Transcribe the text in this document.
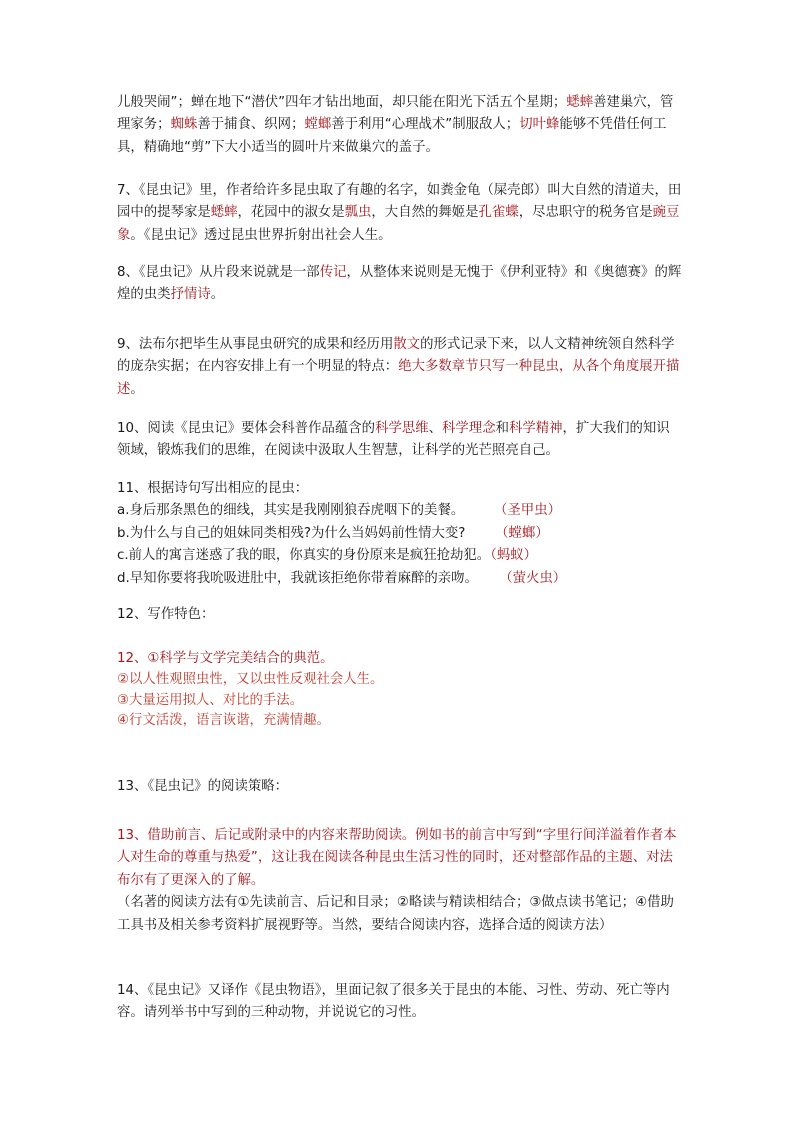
儿般哭闹”；蝉在地下“潜伏”四年才钻出地面，却只能在阳光下活五个星期；蟋蟀善建巢穴，管理家务；蜘蛛善于捕食、织网；螳螂善于利用“心理战术”制服敌人；切叶蜂能够不凭借任何工具，精确地“剪”下大小适当的圆叶片来做巢穴的盖子。

7、《昆虫记》里，作者给许多昆虫取了有趣的名字，如粪金龟（屎壳郎）叫大自然的清道夫，田园中的提琴家是蟋蟀，花园中的淑女是瓢虫，大自然的舞姬是孔雀蝶，尽忠职守的税务官是豌豆象。《昆虫记》透过昆虫世界折射出社会人生。

8、《昆虫记》从片段来说就是一部传记，从整体来说则是无愧于《伊利亚特》和《奥德赛》的辉煌的虫类抒情诗。

9、法布尔把毕生从事昆虫研究的成果和经历用散文的形式记录下来，以人文精神统领自然科学的庞杂实据；在内容安排上有一个明显的特点：绝大多数章节只写一种昆虫，从各个角度展开描述。

10、阅读《昆虫记》要体会科普作品蕴含的科学思维、科学理念和科学精神，扩大我们的知识领域，锻炼我们的思维，在阅读中汲取人生智慧，让科学的光芒照亮自己。

11、根据诗句写出相应的昆虫：

a.身后那条黑色的细线，其实是我刚刚狼吞虎咽下的美餐。 （圣甲虫）

b.为什么与自己的姐妹同类相残?为什么当妈妈前性情大变? （螳螂）

c.前人的寓言迷惑了我的眼，你真实的身份原来是疯狂抢劫犯。（蚂蚁）

d.早知你要将我吮吸进肚中，我就该拒绝你带着麻醉的亲吻。 （萤火虫）

12、写作特色：

12、①科学与文学完美结合的典范。

②以人性观照虫性，又以虫性反观社会人生。

③大量运用拟人、对比的手法。

④行文活泼，语言诙谐，充满情趣。

13、《昆虫记》的阅读策略：

13、借助前言、后记或附录中的内容来帮助阅读。例如书的前言中写到“字里行间洋溢着作者本人对生命的尊重与热爱”，这让我在阅读各种昆虫生活习性的同时，还对整部作品的主题、对法布尔有了更深入的了解。

（名著的阅读方法有①先读前言、后记和目录；②略读与精读相结合；③做点读书笔记；④借助工具书及相关参考资料扩展视野等。当然，要结合阅读内容，选择合适的阅读方法）

14、《昆虫记》又译作《昆虫物语》，里面记叙了很多关于昆虫的本能、习性、劳动、死亡等内容。请列举书中写到的三种动物，并说说它的习性。
